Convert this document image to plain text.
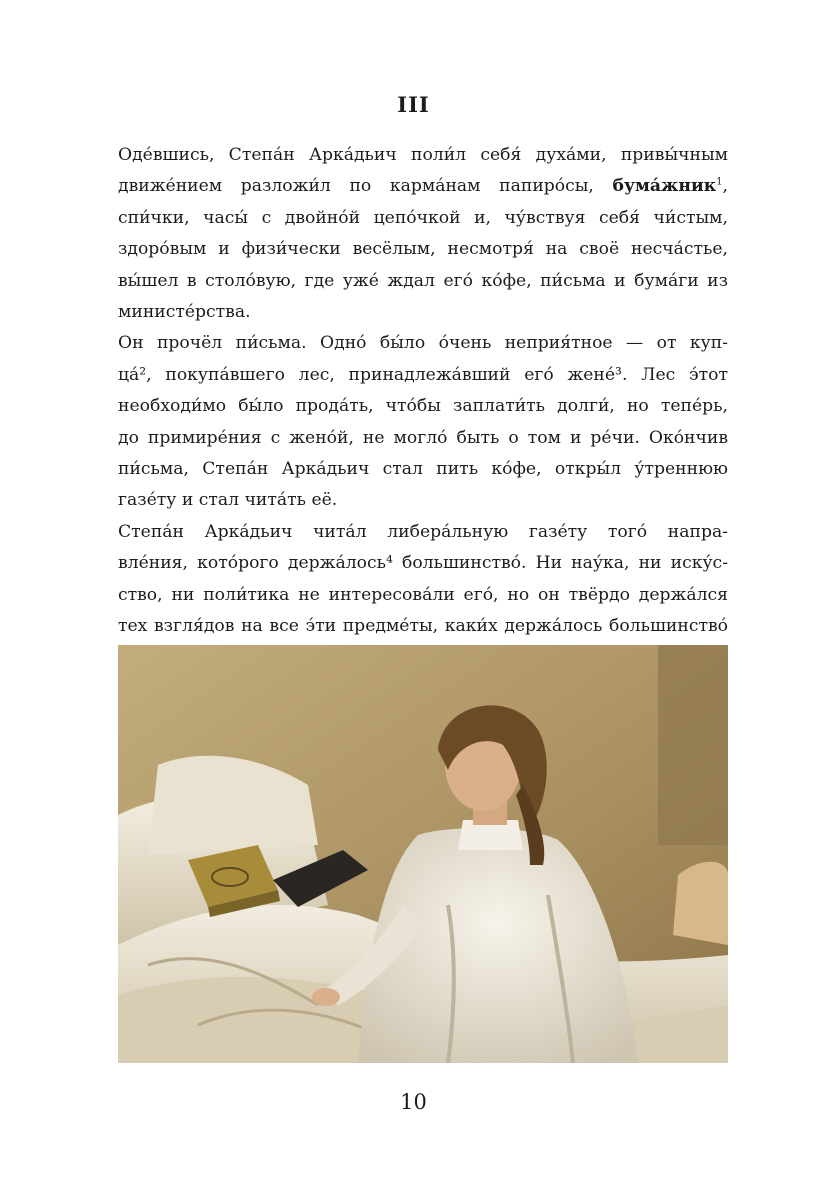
III

Оде́вшись, Степа́н Арка́дьич поли́л себя́ духа́ми, привы́чным
движе́нием разложи́л по карма́нам папиро́сы, бума́жник$^1$,
спи́чки, часы́ с двойно́й цепо́чкой и, чу́вствуя себя́ чи́стым,
здоро́вым и физи́чески весёлым, несмотря́ на своё несча́стье,
вы́шел в столо́вую, где уже́ ждал его́ ко́фе, пи́сьма и бума́ги из
министе́рства.

Он прочёл пи́сьма. Одно́ бы́ло о́чень неприя́тное — от куп-
ца́², покупа́вшего лес, принадлежа́вший его́ жене́³. Лес э́тот
необходи́мо бы́ло прода́ть, что́бы заплати́ть долги́, но тепе́рь,
до примире́ния с жено́й, не могло́ быть о том и ре́чи. Око́нчив
пи́сьма, Степа́н Арка́дьич стал пить ко́фе, откры́л у́треннюю
газе́ту и стал чита́ть её.

Степа́н Арка́дьич чита́л либера́льную газе́ту того́ напра-
вле́ния, кото́рого держа́лось⁴ большинство́. Ни нау́ка, ни иску́с-
ство, ни поли́тика не интересова́ли его́, но он твёрдо держа́лся
тех взгля́дов на все э́ти предме́ты, каки́х держа́лось большинство́

10
